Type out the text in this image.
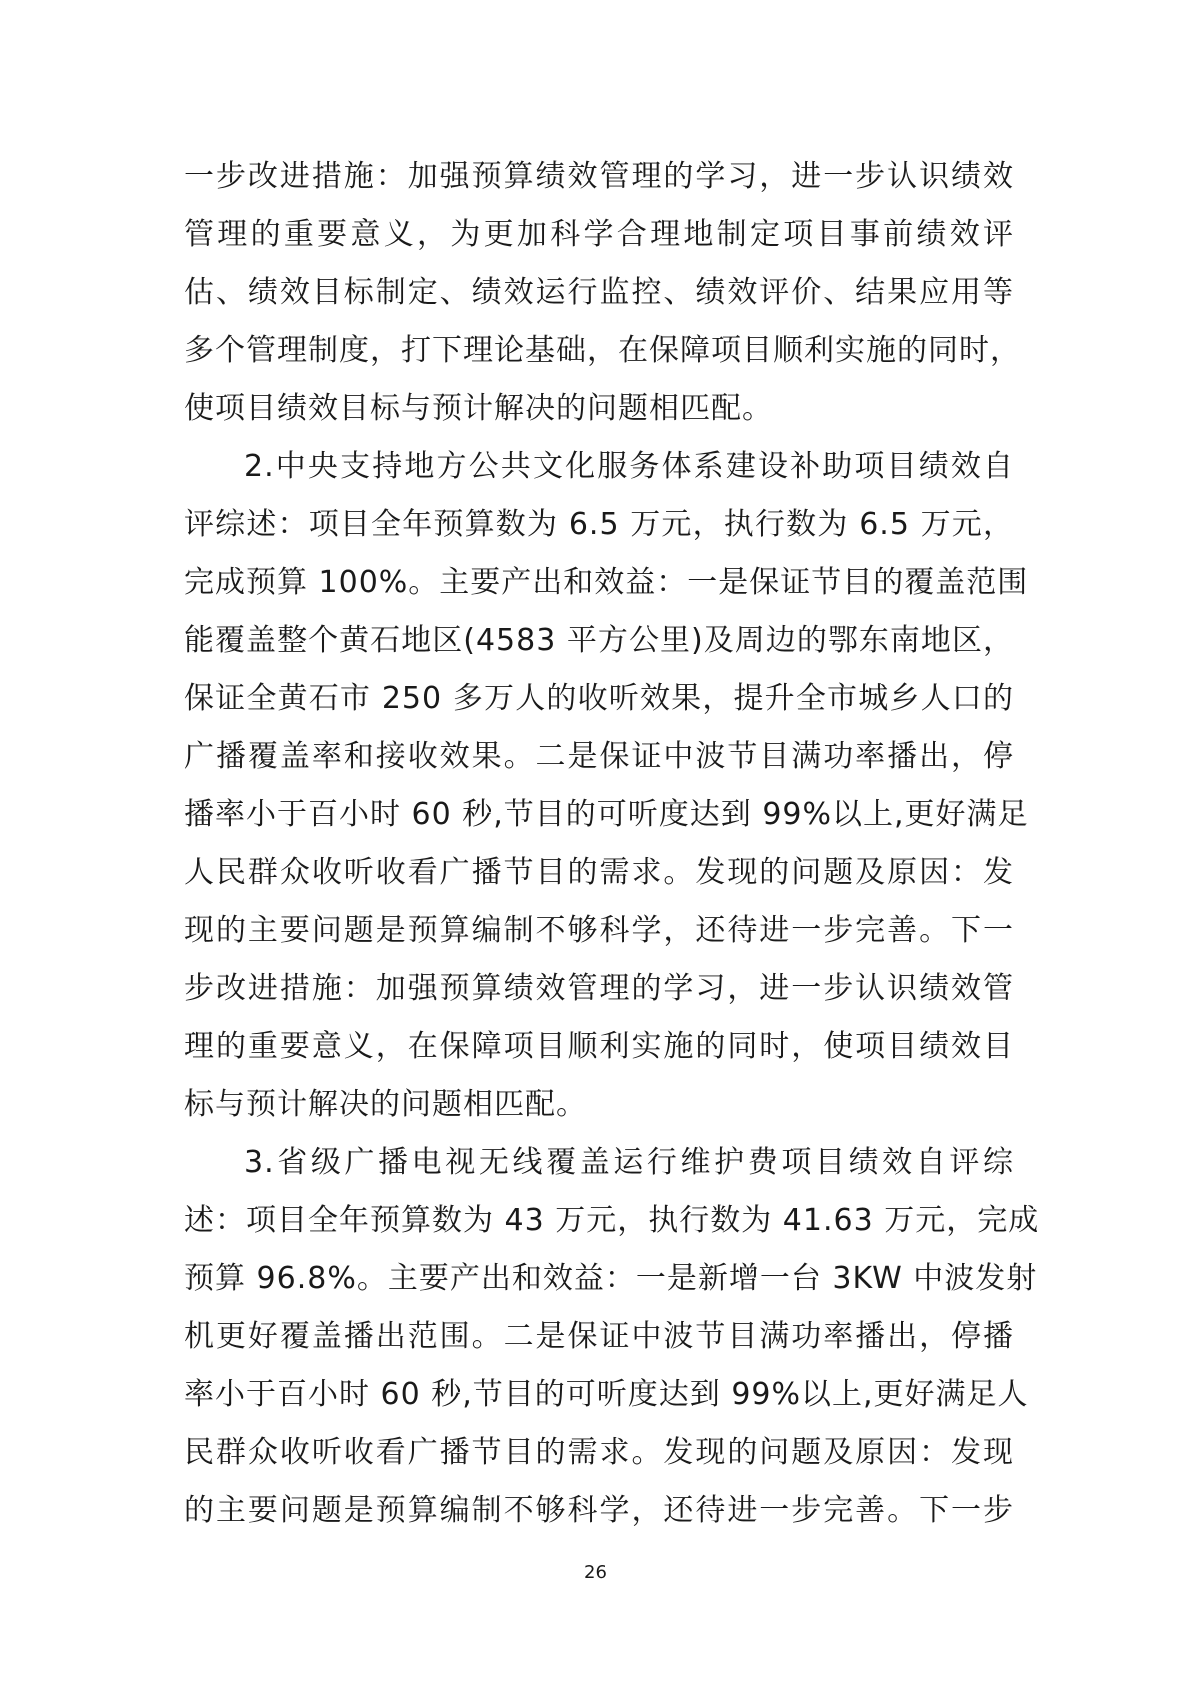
一步改进措施：加强预算绩效管理的学习，进一步认识绩效
管理的重要意义，为更加科学合理地制定项目事前绩效评
估、绩效目标制定、绩效运行监控、绩效评价、结果应用等
多个管理制度，打下理论基础，在保障项目顺利实施的同时，
使项目绩效目标与预计解决的问题相匹配。
2.中央支持地方公共文化服务体系建设补助项目绩效自
评综述：项目全年预算数为 6.5 万元，执行数为 6.5 万元，
完成预算 100%。主要产出和效益：一是保证节目的覆盖范围
能覆盖整个黄石地区(4583 平方公里)及周边的鄂东南地区，
保证全黄石市 250 多万人的收听效果，提升全市城乡人口的
广播覆盖率和接收效果。二是保证中波节目满功率播出，停
播率小于百小时 60 秒,节目的可听度达到 99%以上,更好满足
人民群众收听收看广播节目的需求。发现的问题及原因：发
现的主要问题是预算编制不够科学，还待进一步完善。下一
步改进措施：加强预算绩效管理的学习，进一步认识绩效管
理的重要意义，在保障项目顺利实施的同时，使项目绩效目
标与预计解决的问题相匹配。
3.省级广播电视无线覆盖运行维护费项目绩效自评综
述：项目全年预算数为 43 万元，执行数为 41.63 万元，完成
预算 96.8%。主要产出和效益：一是新增一台 3KW 中波发射
机更好覆盖播出范围。二是保证中波节目满功率播出，停播
率小于百小时 60 秒,节目的可听度达到 99%以上,更好满足人
民群众收听收看广播节目的需求。发现的问题及原因：发现
的主要问题是预算编制不够科学，还待进一步完善。下一步
26
